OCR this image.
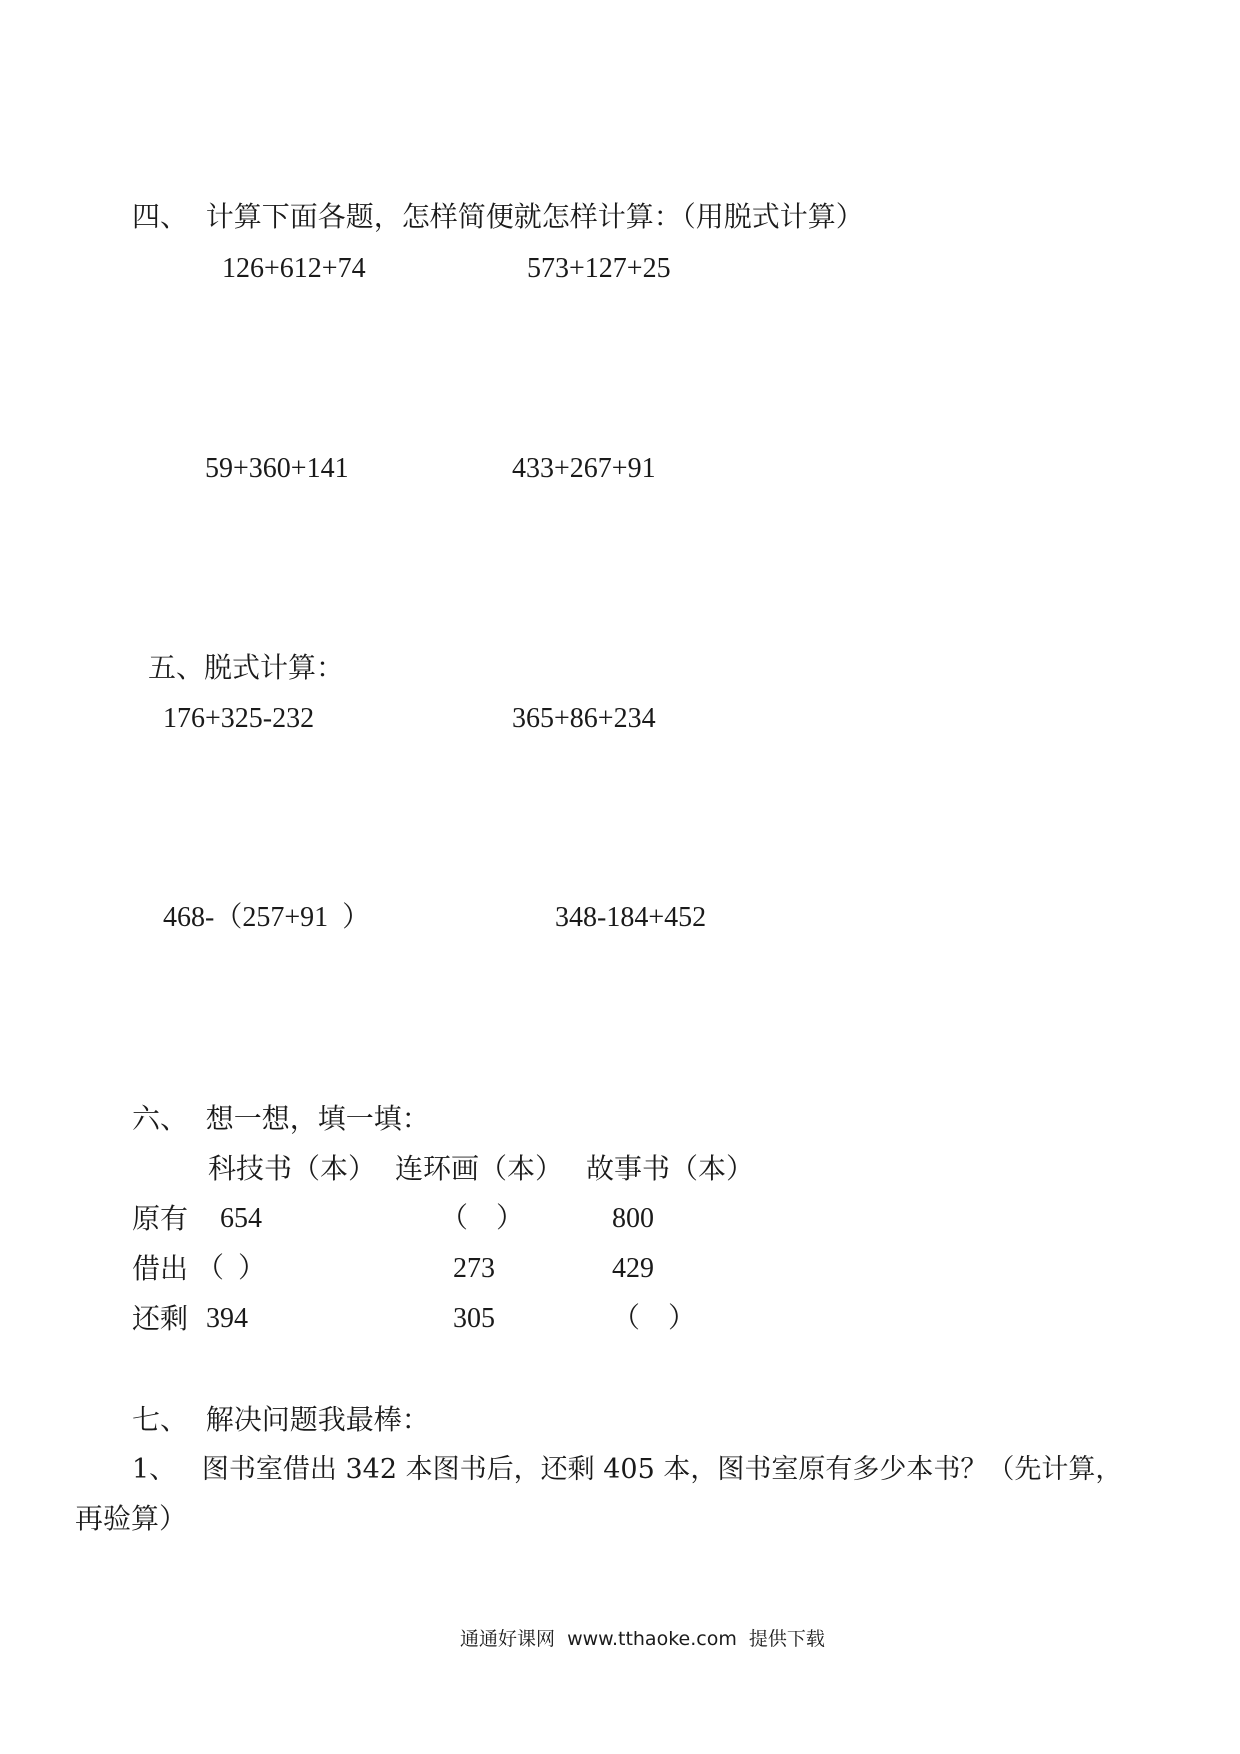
四、  计算下面各题，怎样简便就怎样计算：（用脱式计算）
126+612+74	573+127+25
59+360+141	433+267+91
五、脱式计算：
176+325-232	365+86+234
468-（257+91  ）	348-184+452
六、  想一想，填一填：
科技书（本） 连环画（本） 故事书（本）
原有 654	（    ）	800
借出 （  ）	273	429
还剩 394	305	（    ）
七、  解决问题我最棒：
1、   图书室借出 342 本图书后，还剩 405 本，图书室原有多少本书？（先计算，
再验算）
通通好课网  www.tthaoke.com  提供下载
